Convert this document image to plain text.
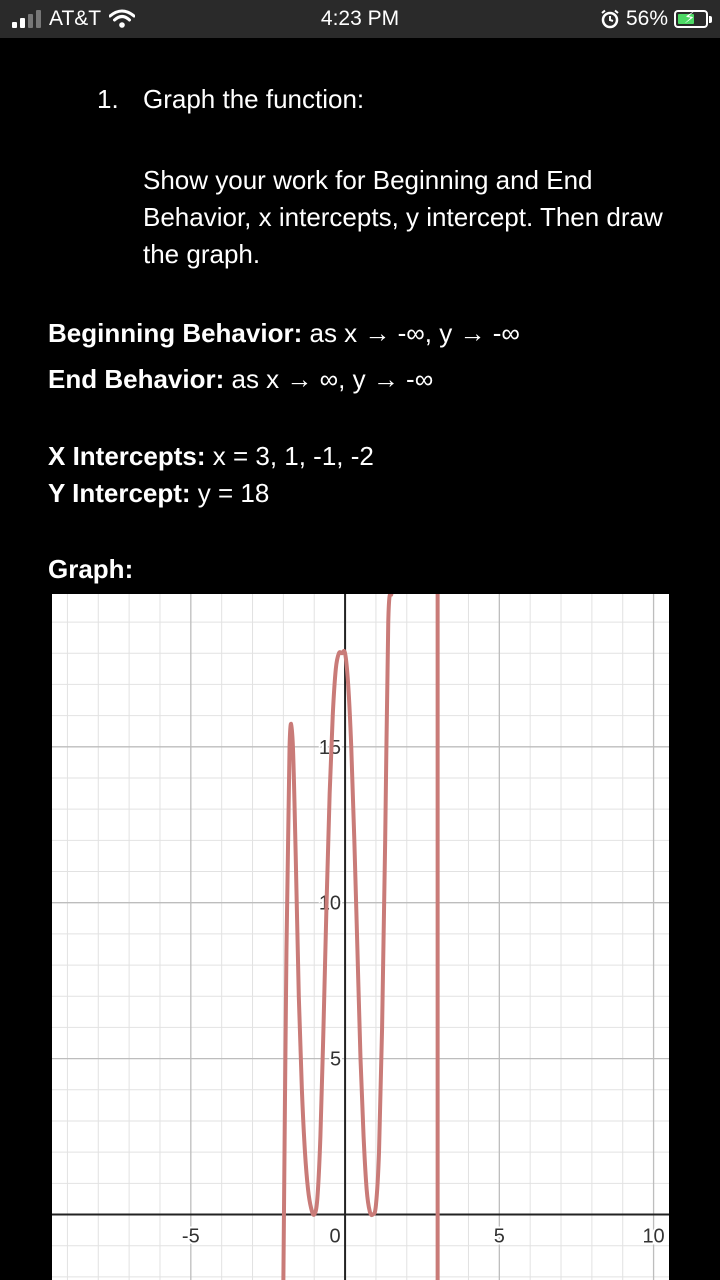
AT&T	4:23 PM	56% ⚡
1. Graph the function:
Show your work for Beginning and End Behavior, x intercepts, y intercept. Then draw the graph.
Beginning Behavior: as x → -∞, y → -∞
End Behavior: as x → ∞, y → -∞
X Intercepts: x = 3, 1, -1, -2
Y Intercept: y = 18
Graph:
-5	0	5	10
5
10
15
